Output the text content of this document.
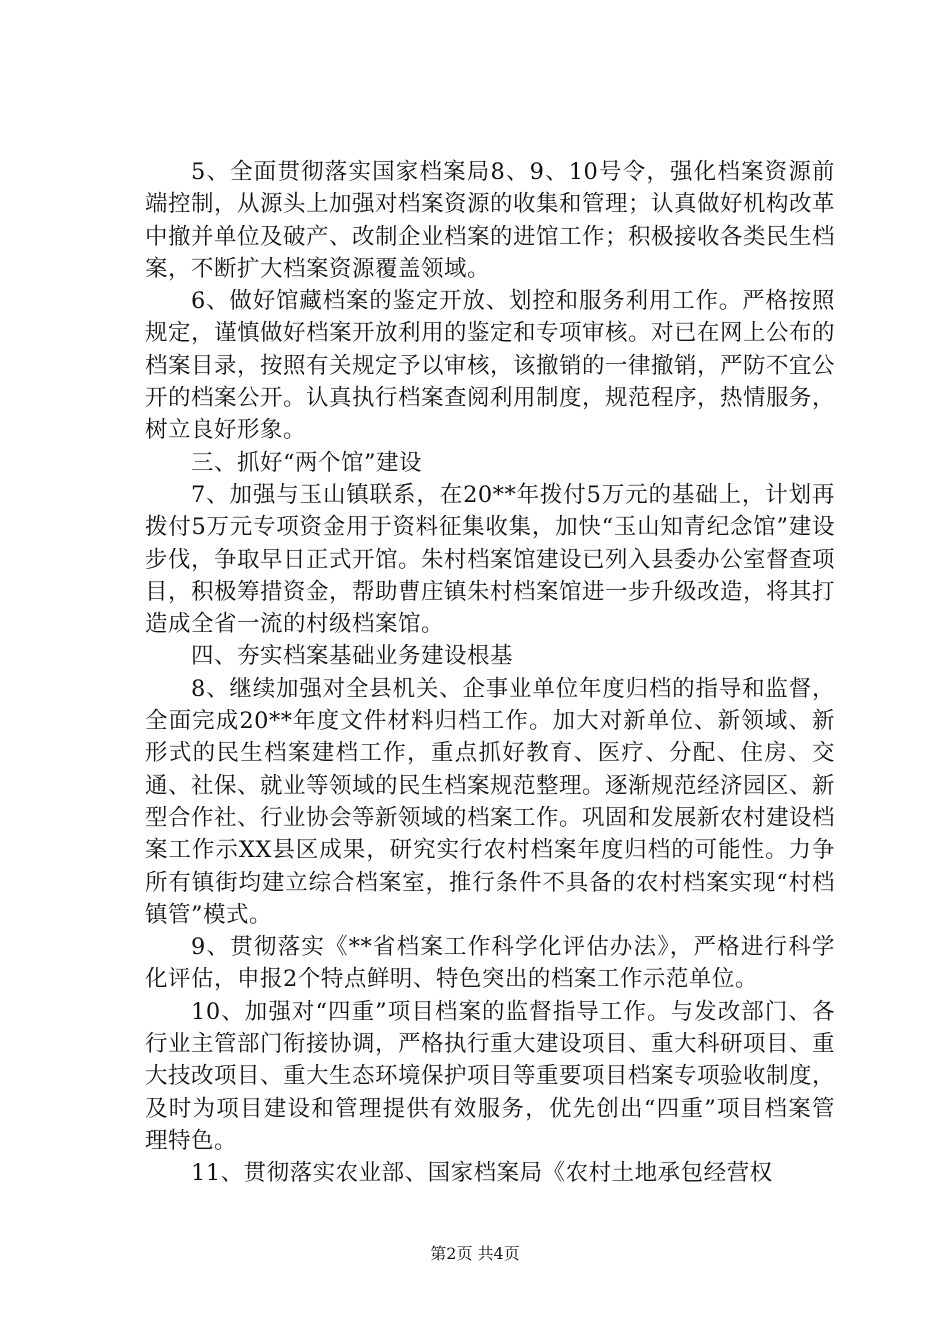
5、全面贯彻落实国家档案局8、9、10号令，强化档案资源前端控制，从源头上加强对档案资源的收集和管理；认真做好机构改革中撤并单位及破产、改制企业档案的进馆工作；积极接收各类民生档案，不断扩大档案资源覆盖领域。

6、做好馆藏档案的鉴定开放、划控和服务利用工作。严格按照规定，谨慎做好档案开放利用的鉴定和专项审核。对已在网上公布的档案目录，按照有关规定予以审核，该撤销的一律撤销，严防不宜公开的档案公开。认真执行档案查阅利用制度，规范程序，热情服务，树立良好形象。

三、抓好“两个馆”建设

7、加强与玉山镇联系，在20**年拨付5万元的基础上，计划再拨付5万元专项资金用于资料征集收集，加快“玉山知青纪念馆”建设步伐，争取早日正式开馆。朱村档案馆建设已列入县委办公室督查项目，积极筹措资金，帮助曹庄镇朱村档案馆进一步升级改造，将其打造成全省一流的村级档案馆。

四、夯实档案基础业务建设根基

8、继续加强对全县机关、企事业单位年度归档的指导和监督，全面完成20**年度文件材料归档工作。加大对新单位、新领域、新形式的民生档案建档工作，重点抓好教育、医疗、分配、住房、交通、社保、就业等领域的民生档案规范整理。逐渐规范经济园区、新型合作社、行业协会等新领域的档案工作。巩固和发展新农村建设档案工作示XX县区成果，研究实行农村档案年度归档的可能性。力争所有镇街均建立综合档案室，推行条件不具备的农村档案实现“村档镇管”模式。

9、贯彻落实《**省档案工作科学化评估办法》，严格进行科学化评估，申报2个特点鲜明、特色突出的档案工作示范单位。

10、加强对“四重”项目档案的监督指导工作。与发改部门、各行业主管部门衔接协调，严格执行重大建设项目、重大科研项目、重大技改项目、重大生态环境保护项目等重要项目档案专项验收制度，及时为项目建设和管理提供有效服务，优先创出“四重”项目档案管理特色。

11、贯彻落实农业部、国家档案局《农村土地承包经营权

第2页 共4页
